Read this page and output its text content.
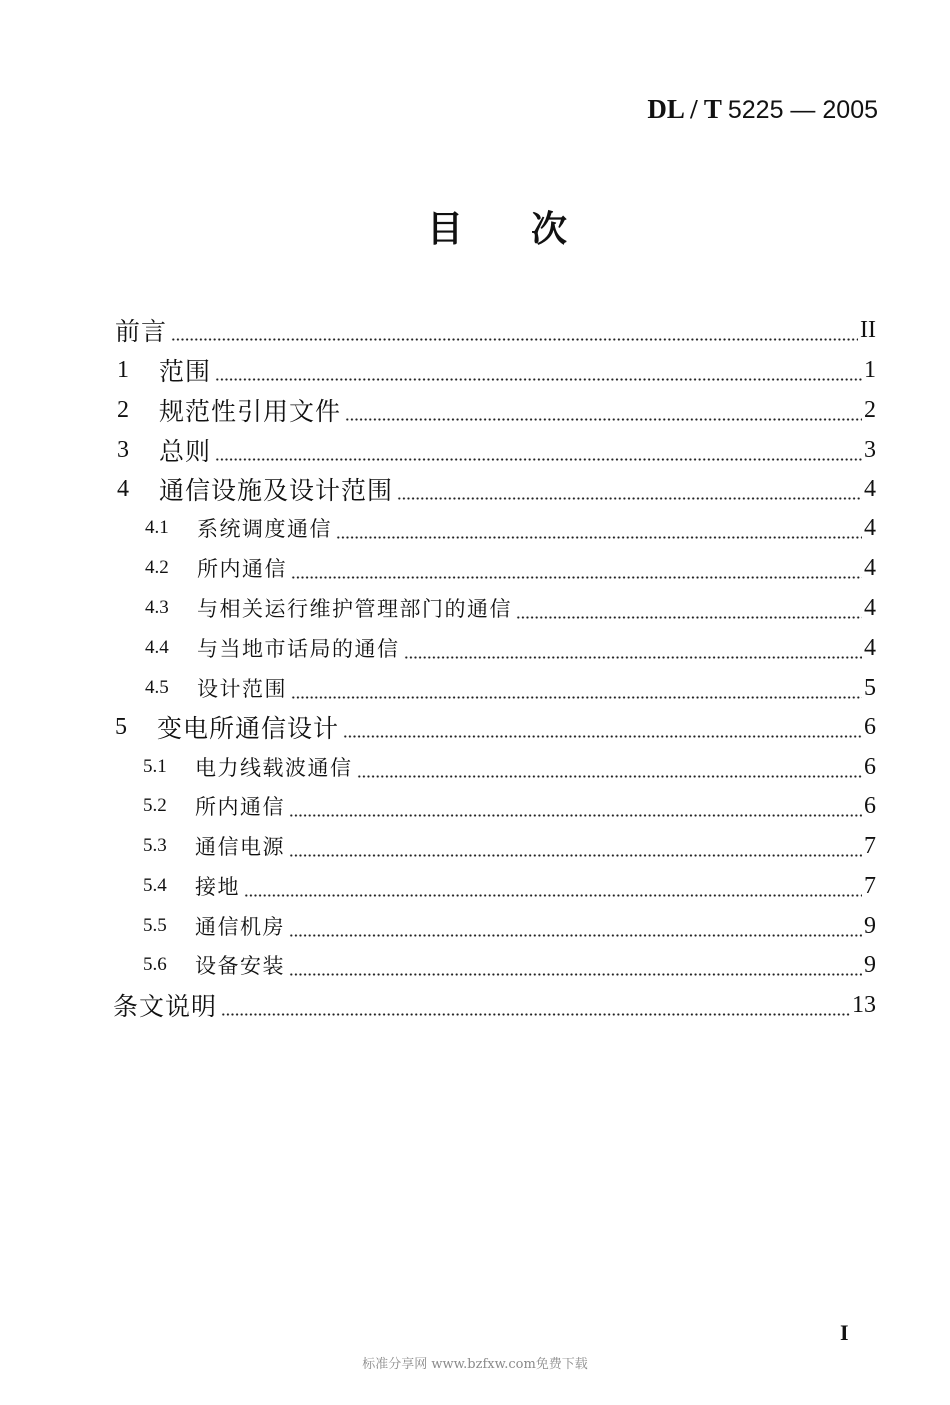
DL / T 5225 — 2005
目次
前言	II
1	范围	1
2	规范性引用文件	2
3	总则	3
4	通信设施及设计范围	4
4.1	系统调度通信	4
4.2	所内通信	4
4.3	与相关运行维护管理部门的通信	4
4.4	与当地市话局的通信	4
4.5	设计范围	5
5	变电所通信设计	6
5.1	电力线载波通信	6
5.2	所内通信	6
5.3	通信电源	7
5.4	接地	7
5.5	通信机房	9
5.6	设备安装	9
条文说明	13
I
标准分享网 www.bzfxw.com免费下载
